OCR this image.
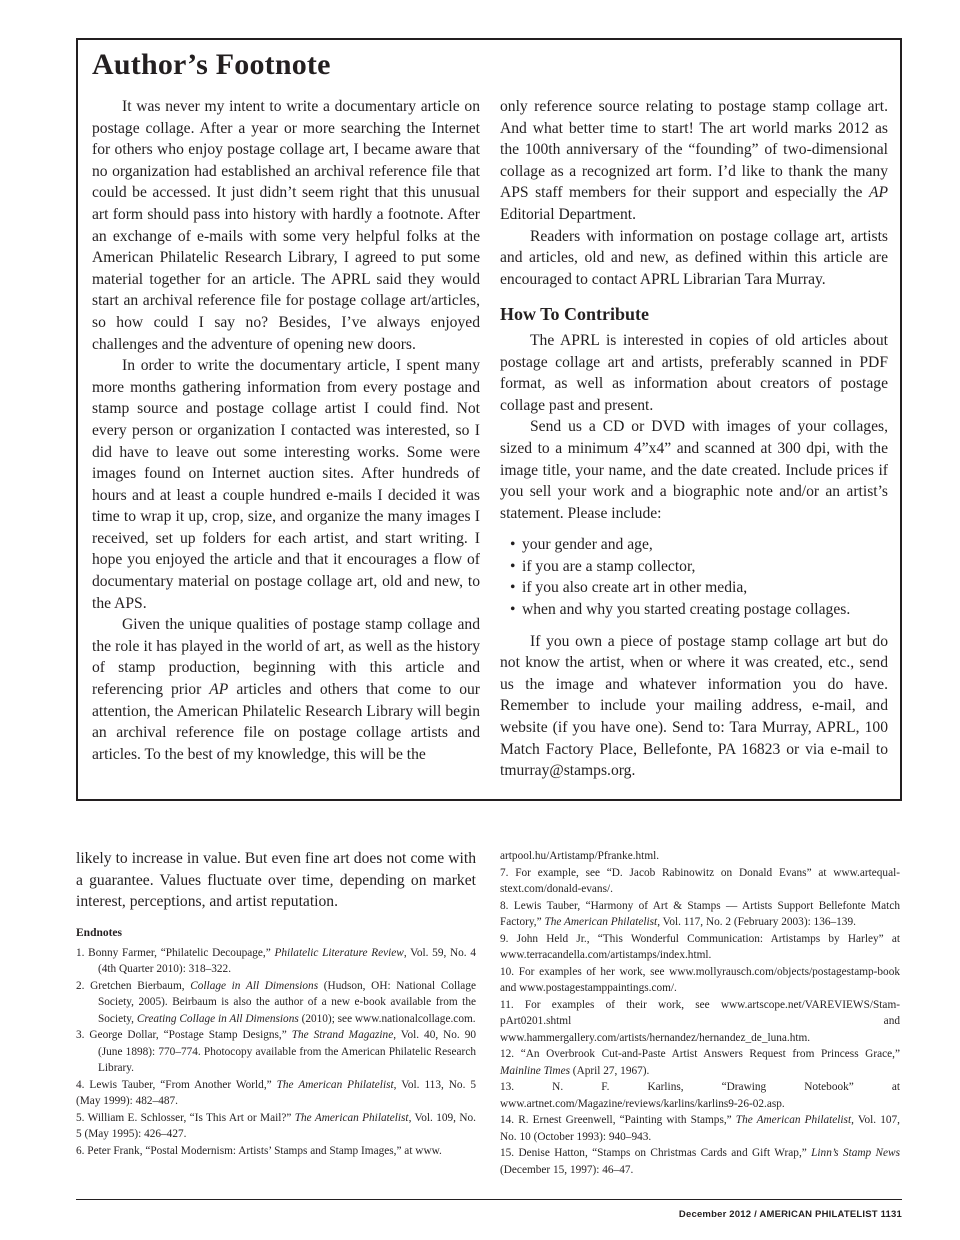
Author’s Footnote

It was never my intent to write a documentary article on postage collage. After a year or more searching the Internet for others who enjoy postage collage art, I became aware that no organization had established an archival reference file that could be accessed. It just didn’t seem right that this unusual art form should pass into history with hardly a footnote. After an exchange of e-mails with some very helpful folks at the American Philatelic Research Library, I agreed to put some material together for an article. The APRL said they would start an archival reference file for postage collage art/articles, so how could I say no? Besides, I’ve always enjoyed challenges and the adventure of opening new doors.

In order to write the documentary article, I spent many more months gathering information from every postage and stamp source and postage collage artist I could find. Not every person or organization I contacted was interested, so I did have to leave out some interesting works. Some were images found on Internet auction sites. After hundreds of hours and at least a couple hundred e-mails I decided it was time to wrap it up, crop, size, and organize the many images I received, set up folders for each artist, and start writing. I hope you enjoyed the article and that it encourages a flow of documentary material on postage collage art, old and new, to the APS.

Given the unique qualities of postage stamp collage and the role it has played in the world of art, as well as the history of stamp production, beginning with this article and referencing prior AP articles and others that come to our attention, the American Philatelic Research Library will begin an archival reference file on postage collage artists and articles. To the best of my knowledge, this will be the

only reference source relating to postage stamp collage art. And what better time to start! The art world marks 2012 as the 100th anniversary of the “founding” of two-dimensional collage as a recognized art form. I’d like to thank the many APS staff members for their support and especially the AP Editorial Department.

Readers with information on postage collage art, artists and articles, old and new, as defined within this article are encouraged to contact APRL Librarian Tara Murray.

How To Contribute

The APRL is interested in copies of old articles about postage collage art and artists, preferably scanned in PDF format, as well as information about creators of postage collage past and present.

Send us a CD or DVD with images of your collages, sized to a minimum 4”x4” and scanned at 300 dpi, with the image title, your name, and the date created. Include prices if you sell your work and a biographic note and/or an artist’s statement. Please include:

• your gender and age,
• if you are a stamp collector,
• if you also create art in other media,
• when and why you started creating postage collages.

If you own a piece of postage stamp collage art but do not know the artist, when or where it was created, etc., send us the image and whatever information you do have. Remember to include your mailing address, e-mail, and website (if you have one). Send to: Tara Murray, APRL, 100 Match Factory Place, Bellefonte, PA 16823 or via e-mail to tmurray@stamps.org.

likely to increase in value. But even fine art does not come with a guarantee. Values fluctuate over time, depending on market interest, perceptions, and artist reputation.

Endnotes
1. Bonny Farmer, “Philatelic Decoupage,” Philatelic Literature Review, Vol. 59, No. 4 (4th Quarter 2010): 318–322.
2. Gretchen Bierbaum, Collage in All Dimensions (Hudson, OH: National Collage Society, 2005). Beirbaum is also the author of a new e-book available from the Society, Creating Collage in All Dimensions (2010); see www.nationalcollage.com.
3. George Dollar, “Postage Stamp Designs,” The Strand Magazine, Vol. 40, No. 90 (June 1898): 770–774. Photocopy available from the American Philatelic Research Library.
4. Lewis Tauber, “From Another World,” The American Philatelist, Vol. 113, No. 5 (May 1999): 482–487.
5. William E. Schlosser, “Is This Art or Mail?” The American Philatelist, Vol. 109, No. 5 (May 1995): 426–427.
6. Peter Frank, “Postal Modernism: Artists’ Stamps and Stamp Images,” at www.
artpool.hu/Artistamp/Pfranke.html.
7. For example, see “D. Jacob Rabinowitz on Donald Evans” at www.artequalstext.com/donald-evans/.
8. Lewis Tauber, “Harmony of Art & Stamps — Artists Support Bellefonte Match Factory,” The American Philatelist, Vol. 117, No. 2 (February 2003): 136–139.
9. John Held Jr., “This Wonderful Communication: Artistamps by Harley” at www.terracandella.com/artistamps/index.html.
10. For examples of her work, see www.mollyrausch.com/objects/postagestamp-book and www.postagestamppaintings.com/.
11. For examples of their work, see www.artscope.net/VAREVIEWS/StampArt0201.shtml and www.hammergallery.com/artists/hernandez/hernandez_de_luna.htm.
12. “An Overbrook Cut-and-Paste Artist Answers Request from Princess Grace,” Mainline Times (April 27, 1967).
13. N. F. Karlins, “Drawing Notebook” at www.artnet.com/Magazine/reviews/karlins/karlins9-26-02.asp.
14. R. Ernest Greenwell, “Painting with Stamps,” The American Philatelist, Vol. 107, No. 10 (October 1993): 940–943.
15. Denise Hatton, “Stamps on Christmas Cards and Gift Wrap,” Linn’s Stamp News (December 15, 1997): 46–47.
December 2012 / AMERICAN PHILATELIST 1131
